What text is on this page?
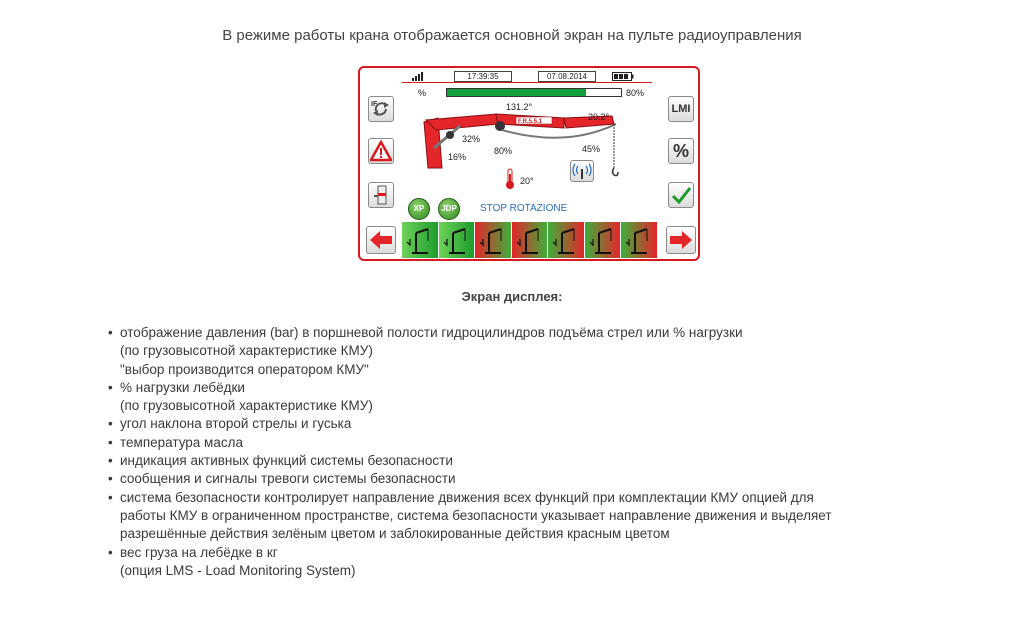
В режиме работы крана отображается основной экран на пульте радиоуправления
17:39:35	07.08.2014
IF	LMI
%
%	80%
F.R.5.5.1
131.2°
20.2°
32%
16%
80%	45%
20°
XP	JDP	STOP ROTAZIONE
Экран дисплея:
• отображение давления (bar) в поршневой полости гидроцилиндров подъёма стрел или % нагрузки
(по грузовысотной характеристике КМУ)
"выбор производится оператором КМУ"
• % нагрузки лебёдки
(по грузовысотной характеристике КМУ)
• угол наклона второй стрелы и гуська
• температура масла
• индикация активных функций системы безопасности
• сообщения и сигналы тревоги системы безопасности
• система безопасности контролирует направление движения всех функций при комплектации КМУ опцией для
работы КМУ в ограниченном пространстве, система безопасности указывает направление движения и выделяет
разрешённые действия зелёным цветом и заблокированные действия красным цветом
• вес груза на лебёдке в кг
(опция LMS - Load Monitoring System)
